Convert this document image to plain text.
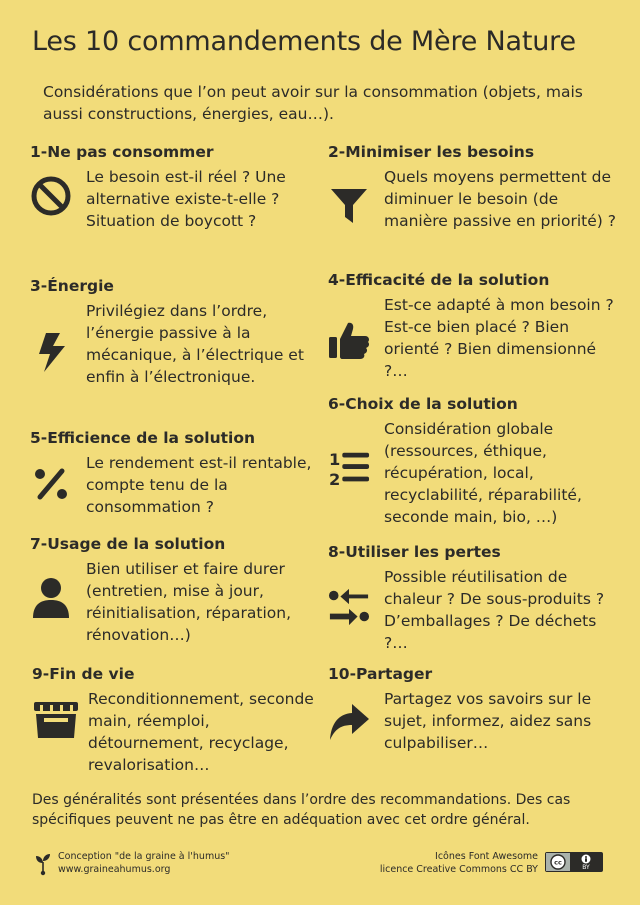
Les 10 commandements de Mère Nature
Considérations que l’on peut avoir sur la consommation (objets, mais aussi constructions, énergies, eau…).
1-Ne pas consommer
Le besoin est-il réel ? Une alternative existe-t-elle ? Situation de boycott ?
2-Minimiser les besoins
Quels moyens permettent de diminuer le besoin (de manière passive en priorité) ?
3-Énergie
Privilégiez dans l’ordre, l’énergie passive à la mécanique, à l’électrique et enfin à l’électronique.
4-Efficacité de la solution
Est-ce adapté à mon besoin ? Est-ce bien placé ? Bien orienté ? Bien dimensionné ?…
5-Efficience de la solution
Le rendement est-il rentable, compte tenu de la consommation ?
6-Choix de la solution
1
2
Considération globale (ressources, éthique, récupération, local, recyclabilité, réparabilité, seconde main, bio, …)
7-Usage de la solution
Bien utiliser et faire durer (entretien, mise à jour, réinitialisation, réparation, rénovation…)
8-Utiliser les pertes
Possible réutilisation de chaleur ? De sous-produits ? D’emballages ? De déchets ?…
9-Fin de vie
Reconditionnement, seconde main, réemploi, détournement, recyclage, revalorisation…
10-Partager
Partagez vos savoirs sur le sujet, informez, aidez sans culpabiliser…
Des généralités sont présentées dans l’ordre des recommandations. Des cas spécifiques peuvent ne pas être en adéquation avec cet ordre général.
Conception "de la graine à l'humus"
www.graineahumus.org
Icônes Font Awesome
licence Creative Commons CC BY
cc
BY
